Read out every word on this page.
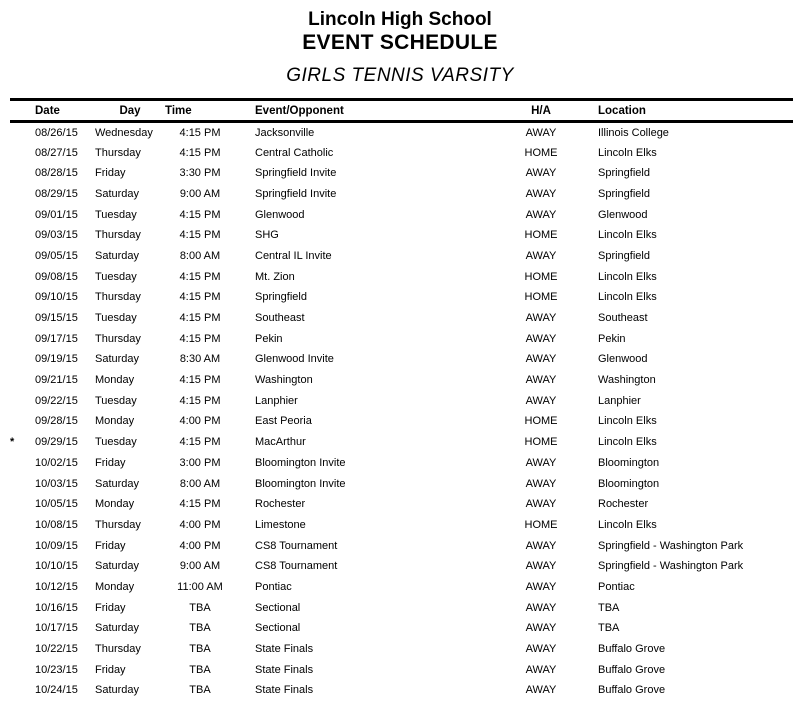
Lincoln High School
EVENT SCHEDULE
GIRLS TENNIS VARSITY
	Date	Day	Time	Event/Opponent	H/A	Location
	08/26/15	Wednesday	4:15 PM	Jacksonville	AWAY	Illinois College
	08/27/15	Thursday	4:15 PM	Central Catholic	HOME	Lincoln Elks
	08/28/15	Friday	3:30 PM	Springfield Invite	AWAY	Springfield
	08/29/15	Saturday	9:00 AM	Springfield Invite	AWAY	Springfield
	09/01/15	Tuesday	4:15 PM	Glenwood	AWAY	Glenwood
	09/03/15	Thursday	4:15 PM	SHG	HOME	Lincoln Elks
	09/05/15	Saturday	8:00 AM	Central IL Invite	AWAY	Springfield
	09/08/15	Tuesday	4:15 PM	Mt. Zion	HOME	Lincoln Elks
	09/10/15	Thursday	4:15 PM	Springfield	HOME	Lincoln Elks
	09/15/15	Tuesday	4:15 PM	Southeast	AWAY	Southeast
	09/17/15	Thursday	4:15 PM	Pekin	AWAY	Pekin
	09/19/15	Saturday	8:30 AM	Glenwood Invite	AWAY	Glenwood
	09/21/15	Monday	4:15 PM	Washington	AWAY	Washington
	09/22/15	Tuesday	4:15 PM	Lanphier	AWAY	Lanphier
	09/28/15	Monday	4:00 PM	East Peoria	HOME	Lincoln Elks
*	09/29/15	Tuesday	4:15 PM	MacArthur	HOME	Lincoln Elks
	10/02/15	Friday	3:00 PM	Bloomington Invite	AWAY	Bloomington
	10/03/15	Saturday	8:00 AM	Bloomington Invite	AWAY	Bloomington
	10/05/15	Monday	4:15 PM	Rochester	AWAY	Rochester
	10/08/15	Thursday	4:00 PM	Limestone	HOME	Lincoln Elks
	10/09/15	Friday	4:00 PM	CS8 Tournament	AWAY	Springfield - Washington Park
	10/10/15	Saturday	9:00 AM	CS8 Tournament	AWAY	Springfield - Washington Park
	10/12/15	Monday	11:00 AM	Pontiac	AWAY	Pontiac
	10/16/15	Friday	TBA	Sectional	AWAY	TBA
	10/17/15	Saturday	TBA	Sectional	AWAY	TBA
	10/22/15	Thursday	TBA	State Finals	AWAY	Buffalo Grove
	10/23/15	Friday	TBA	State Finals	AWAY	Buffalo Grove
	10/24/15	Saturday	TBA	State Finals	AWAY	Buffalo Grove
